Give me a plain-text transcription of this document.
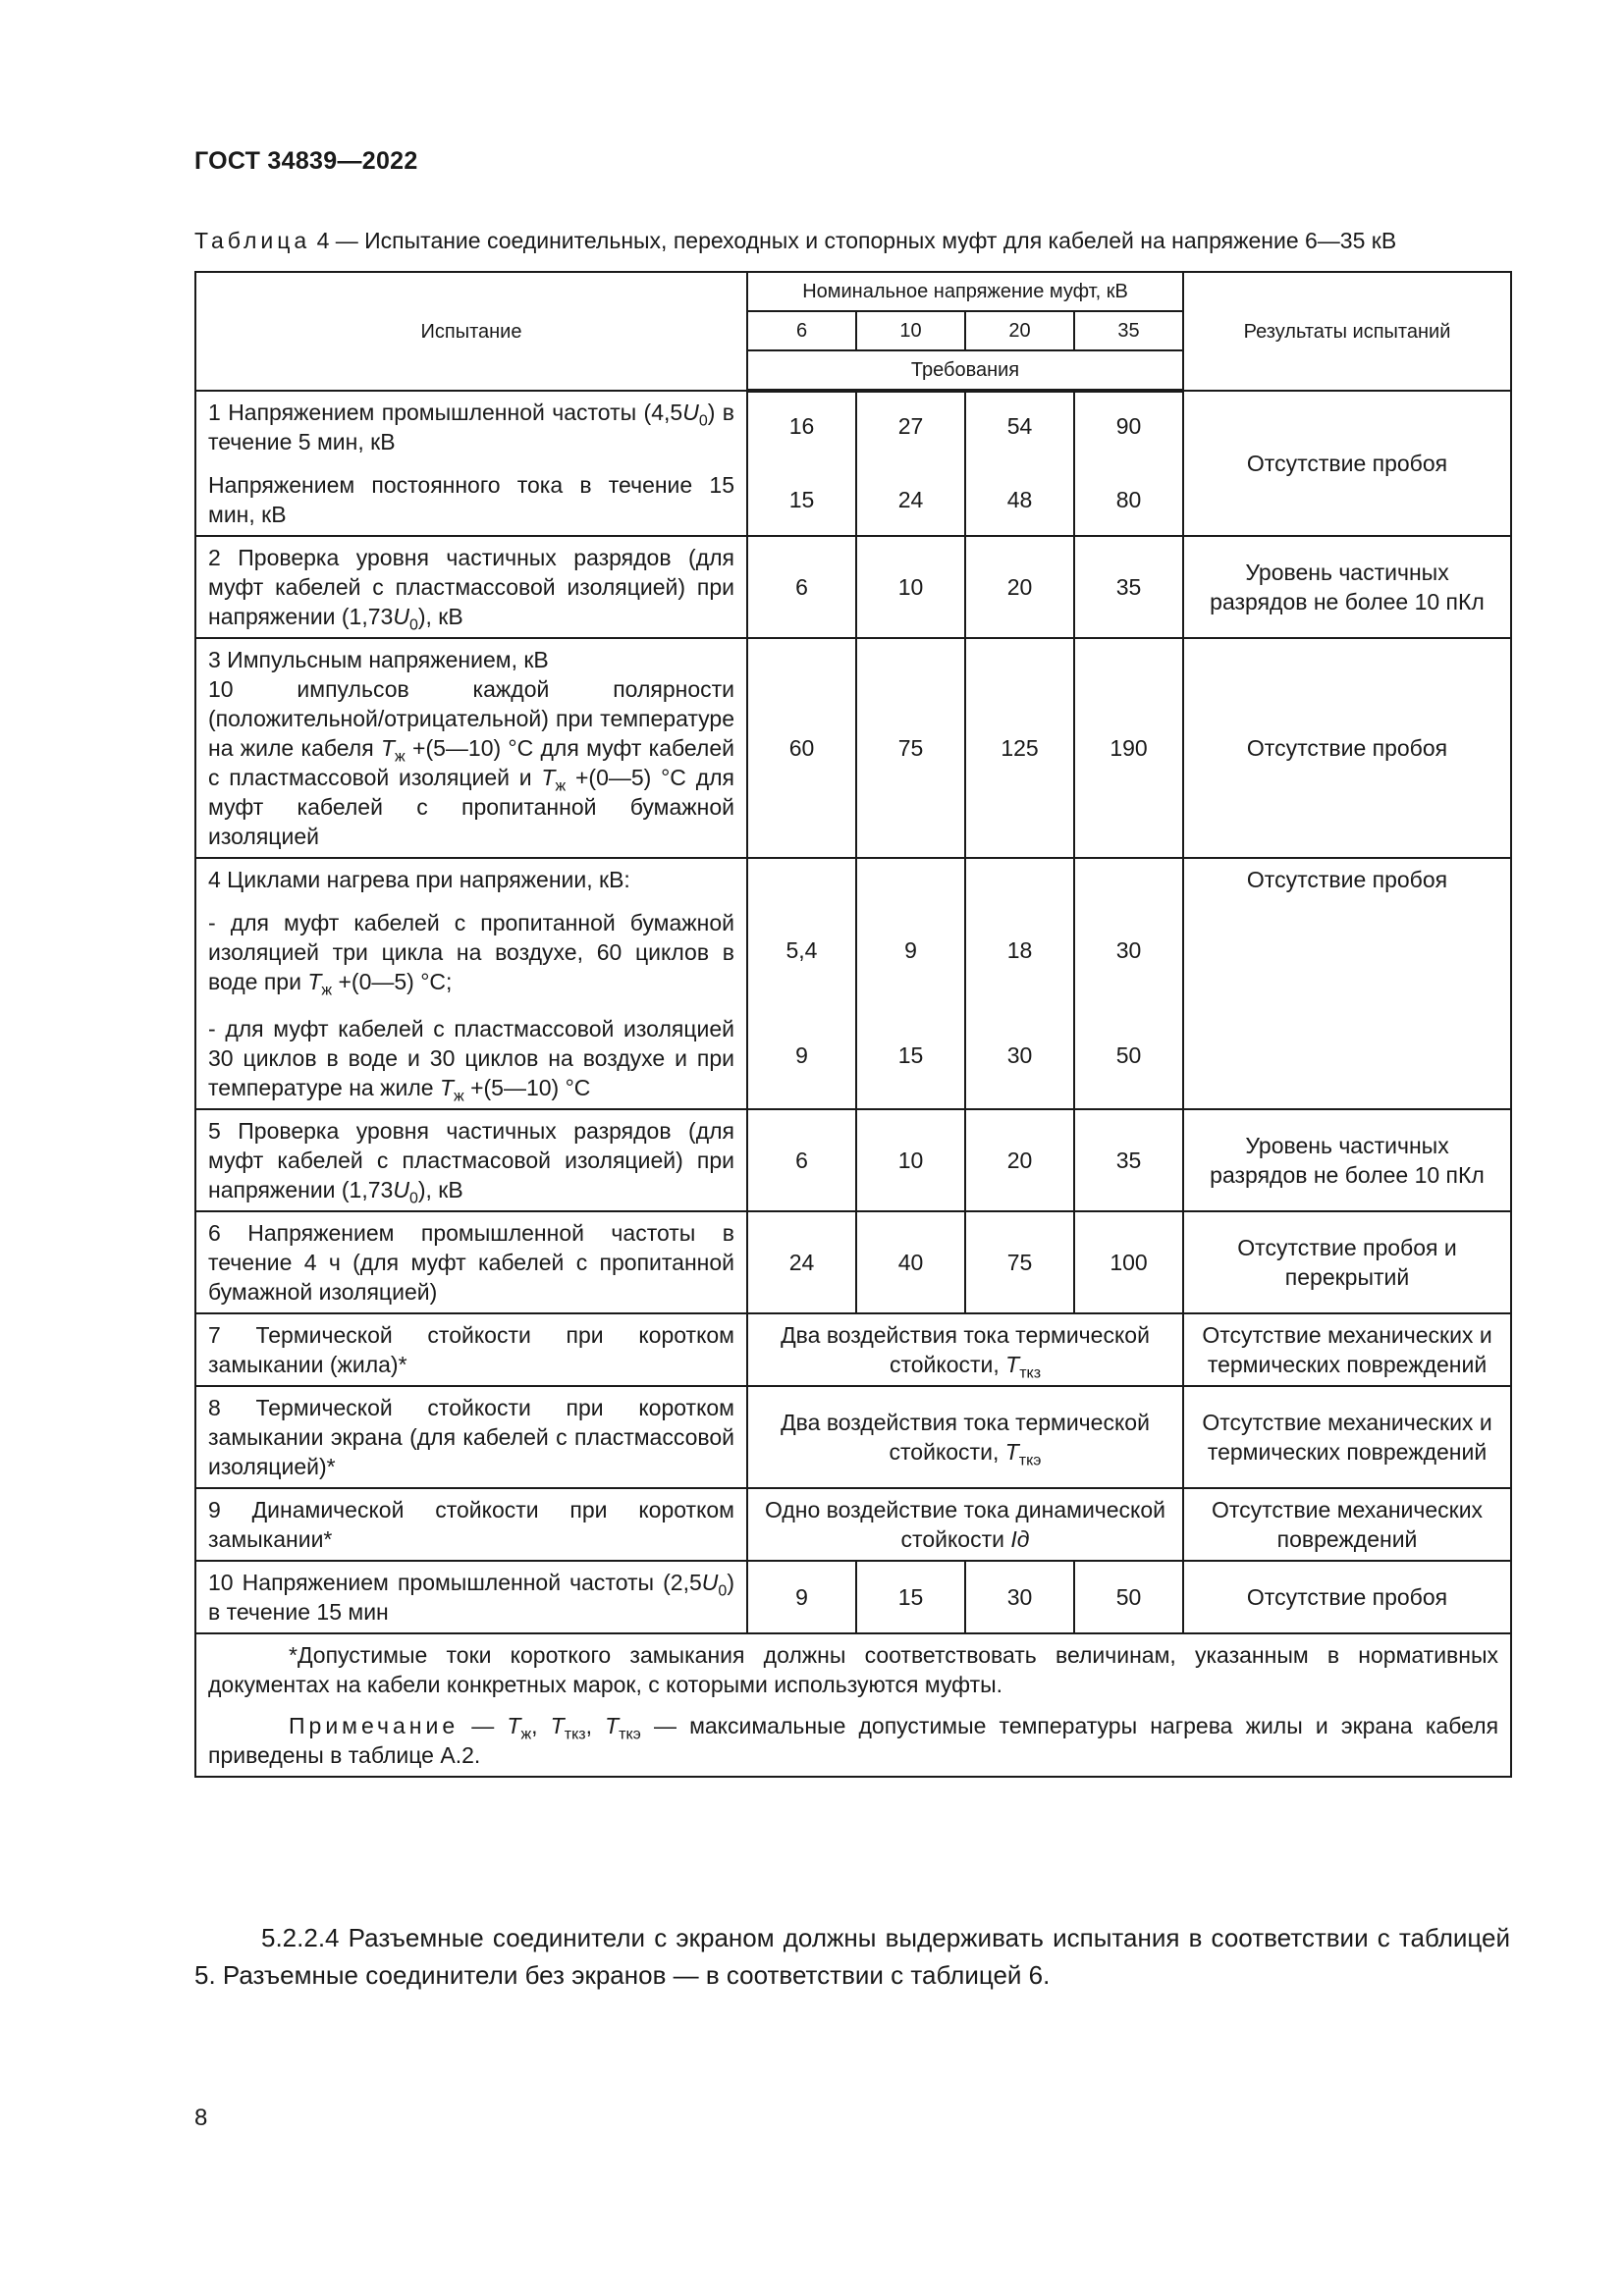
ГОСТ 34839—2022
Таблица 4 — Испытание соединительных, переходных и стопорных муфт для кабелей на напряжение 6—35 кВ
Испытание	Номинальное напряжение муфт, кВ				Результаты испытаний
	6	10	20	35	
	Требования				
1 Напряжением промышленной частоты $(4,5U_0)$ в течение 5 мин, кВ	16	27	54	90	Отсутствие пробоя
Напряжением постоянного тока в течение 15 мин, кВ	15	24	48	80	
2 Проверка уровня частичных разрядов (для муфт кабелей с пластмассовой изоляцией) при напряжении $(1,73U_0)$, кВ	6	10	20	35	Уровень частичных разрядов не более 10 пКл

3 Импульсным напряжением, кВ
10 импульсов каждой полярности (положительной/отрицательной) при температуре на жиле кабеля $T_ж$ +(5—10) °С для муфт кабелей с пластмассовой изоляцией и $T_ж$ +(0—5) °С для муфт кабелей с пропитанной бумажной изоляцией	60	75	125	190	Отсутствие пробоя
4 Циклами нагрева при напряжении, кВ:					Отсутствие пробоя
- для муфт кабелей с пропитанной бумажной изоляцией три цикла на воздухе, 60 циклов в воде при $T_ж$ +(0—5) °С;	5,4	9	18	30	
- для муфт кабелей с пластмассовой изоляцией 30 циклов в воде и 30 циклов на воздухе и при температуре на жиле $T_ж$ +(5—10) °С	9	15	30	50	
5 Проверка уровня частичных разрядов (для муфт кабелей с пластмасовой изоляцией) при напряжении $(1,73U_0)$, кВ	6	10	20	35	Уровень частичных разрядов не более 10 пКл
6 Напряжением промышленной частоты в течение 4 ч (для муфт кабелей с пропитанной бумажной изоляцией)	24	40	75	100	Отсутствие пробоя и перекрытий
7 Термической стойкости при коротком замыкании (жила)*	Два воздействия тока термической стойкости, $Т_{ткз}$				Отсутствие механических и термических повреждений
8 Термической стойкости при коротком замыкании экрана (для кабелей с пластмассовой изоляцией)*	Два воздействия тока термической стойкости, $Т_{ткэ}$				Отсутствие механических и термических повреждений
9 Динамической стойкости при коротком замыкании*	Одно воздействие тока динамической стойкости Iд				Отсутствие механических повреждений
10 Напряжением промышленной частоты $(2,5U_0)$ в течение 15 мин	9	15	30	50	Отсутствие пробоя

*Допустимые токи короткого замыкания должны соответствовать величинам, указанным в нормативных документах на кабели конкретных марок, с которыми используются муфты.

Примечание — $T_ж$, $T_{ткз}$, $T_{ткэ}$ — максимальные допустимые температуры нагрева жилы и экрана кабеля приведены в таблице А.2.					

5.2.2.4 Разъемные соединители с экраном должны выдерживать испытания в соответствии с таблицей 5. Разъемные соединители без экранов — в соответствии с таблицей 6.
8
